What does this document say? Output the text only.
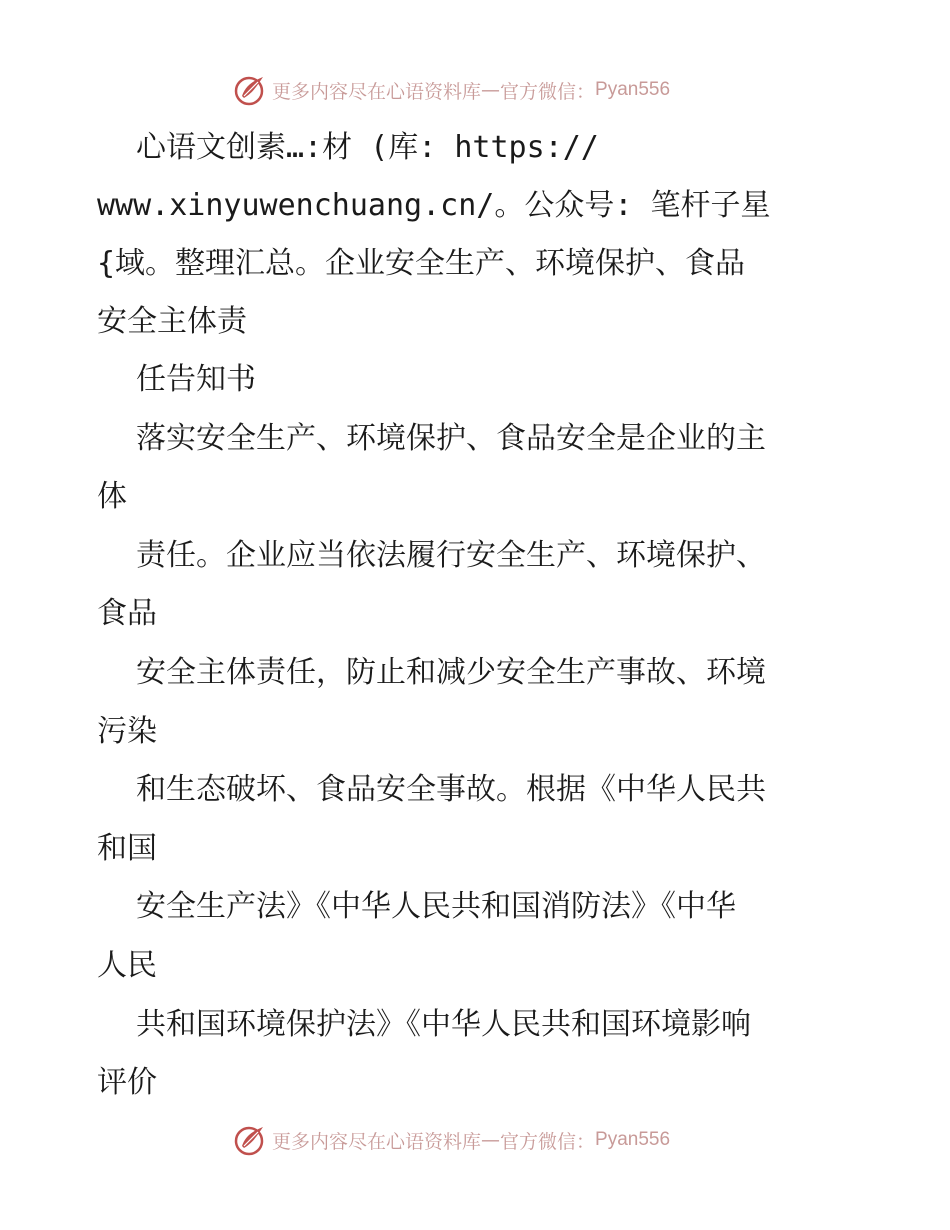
更多内容尽在心语资料库 — 官方微信： Pyan556
心语文创素…:材 (库: https://
www.xinyuwenchuang.cn/。公众号: 笔杆子星
{域。整理汇总。企业安全生产、环境保护、食品
安全主体责
任告知书
落实安全生产、环境保护、食品安全是企业的主
体
责任。企业应当依法履行安全生产、环境保护、
食品
安全主体责任，防止和减少安全生产事故、环境
污染
和生态破坏、食品安全事故。根据《中华人民共
和国
安全生产法》《中华人民共和国消防法》《中华
人民
共和国环境保护法》《中华人民共和国环境影响
评价
更多内容尽在心语资料库 — 官方微信： Pyan556
